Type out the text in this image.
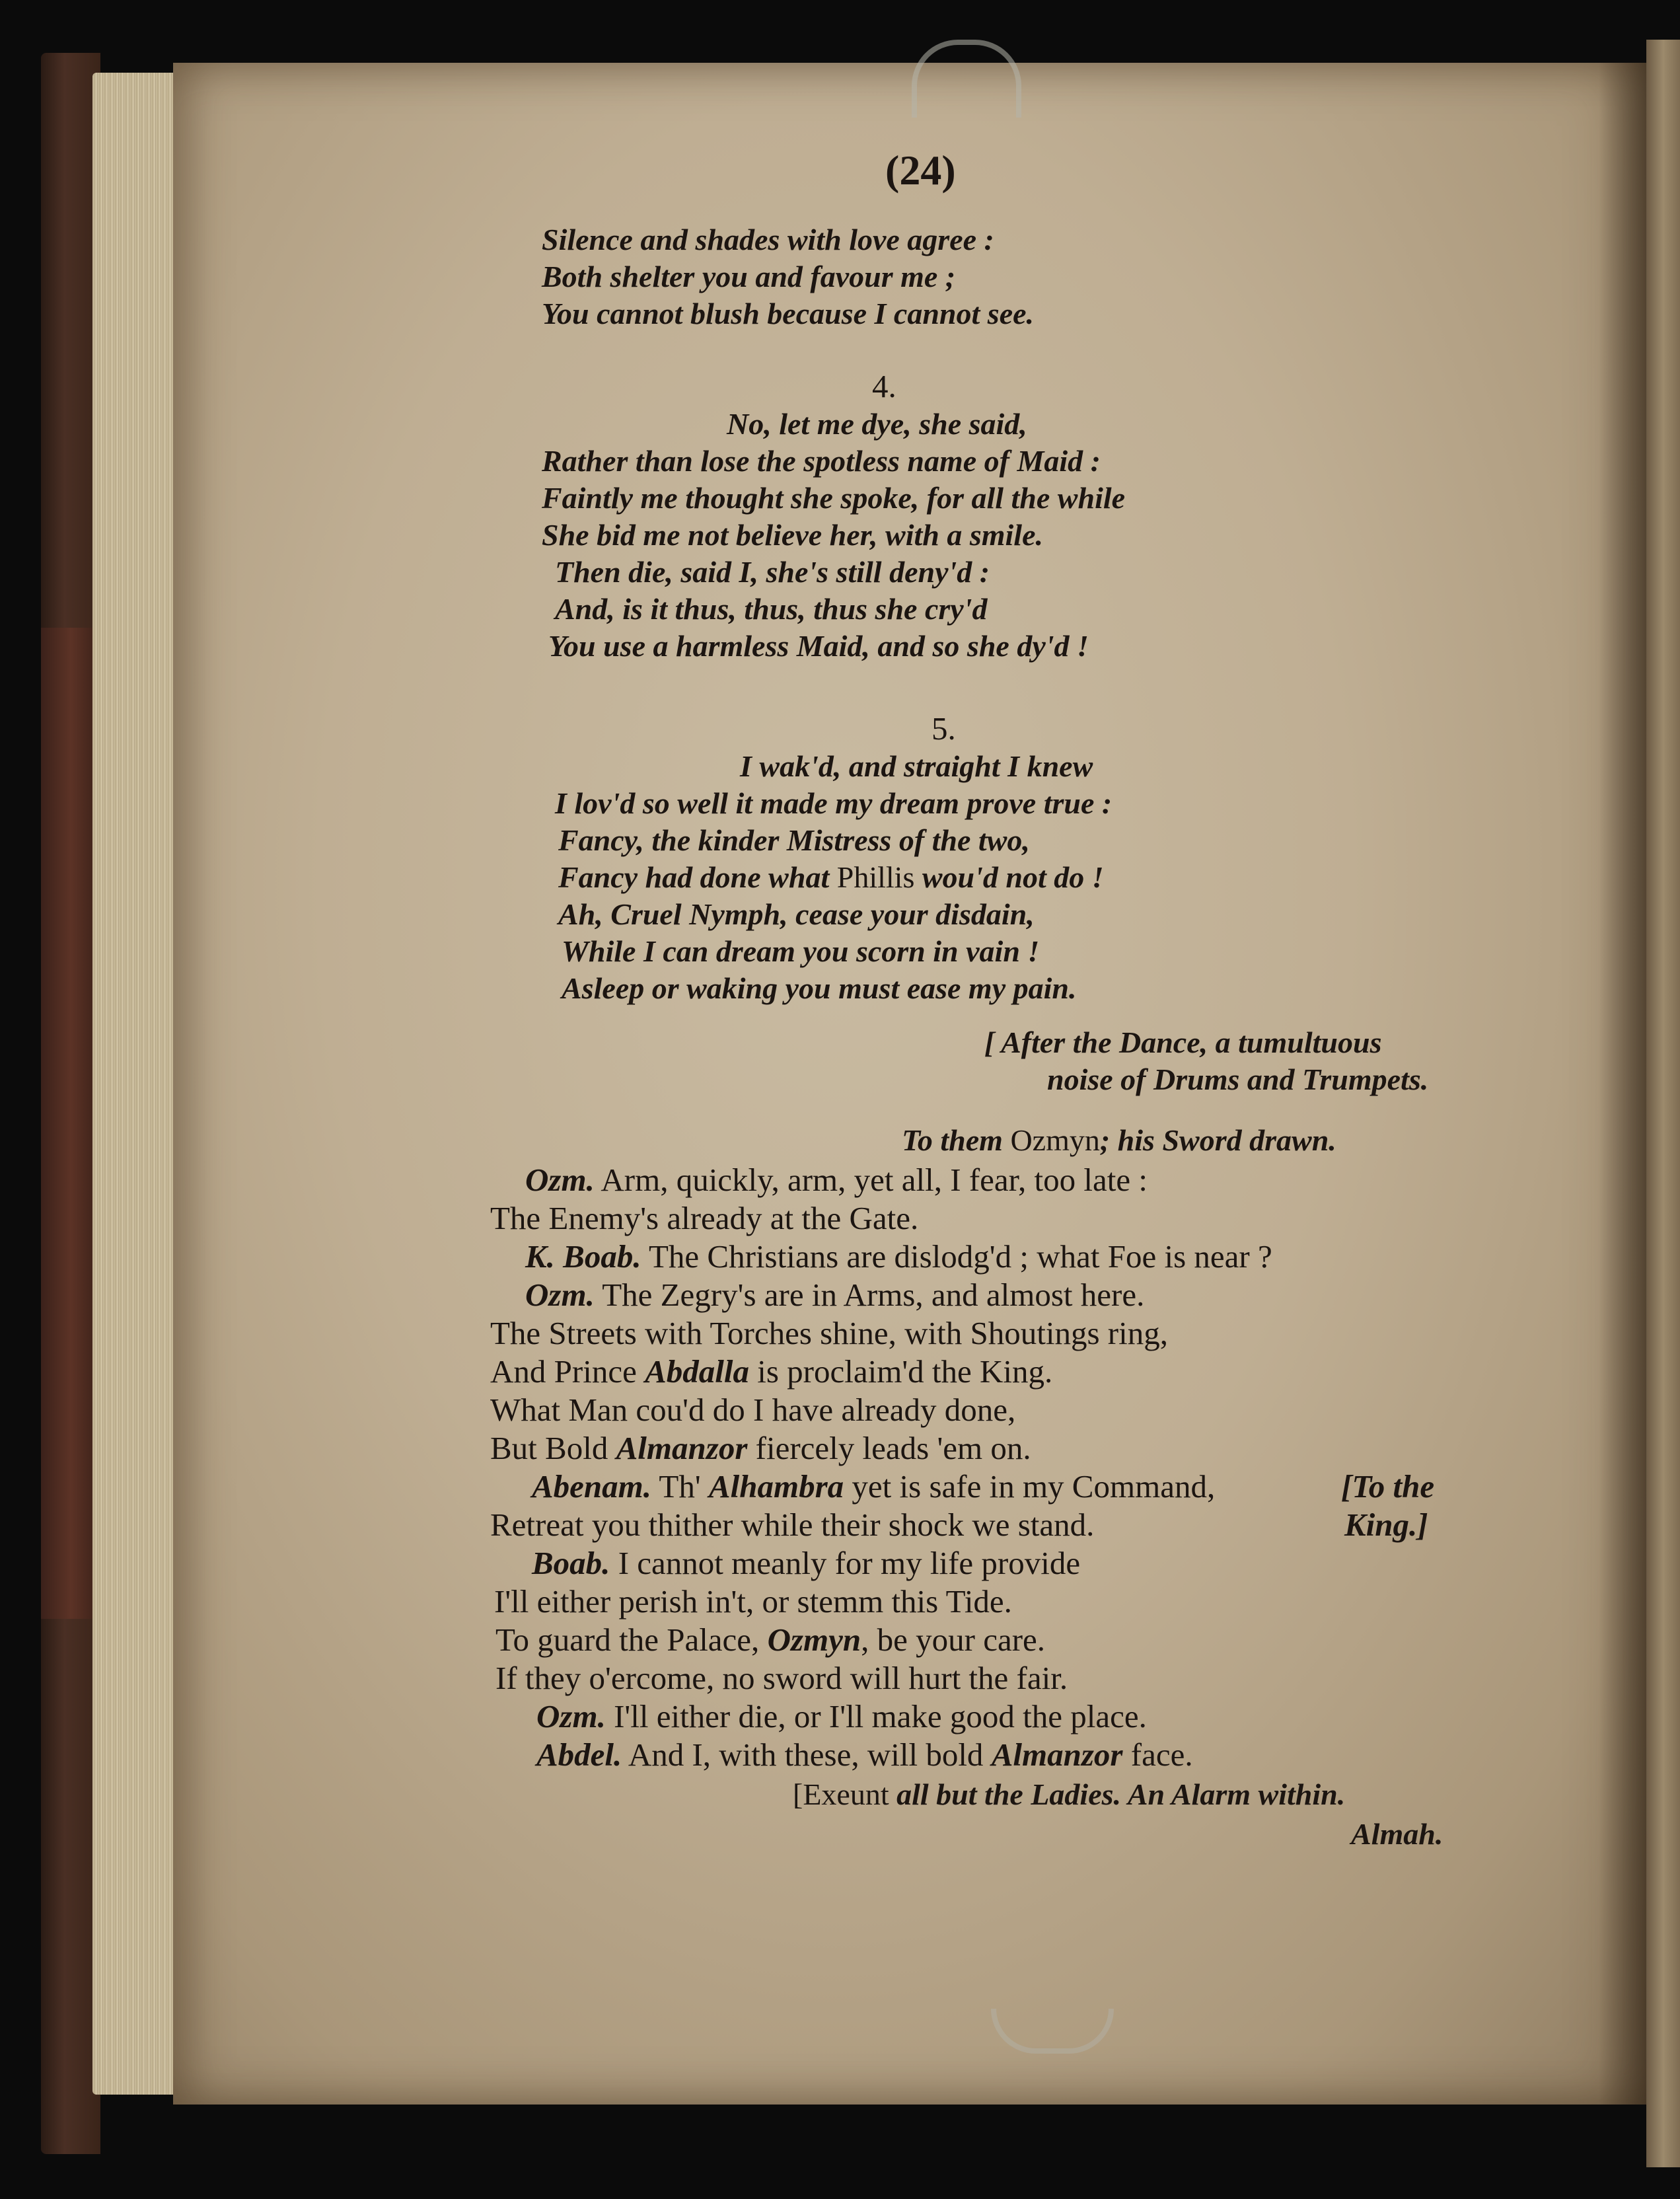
(24)
Silence and shades with love agree :
Both shelter you and favour me ;
You cannot blush because I cannot see.
4.
No, let me dye, she said,
Rather than lose the spotless name of Maid :
Faintly me thought she spoke, for all the while
She bid me not believe her, with a smile.
Then die, said I, she's still deny'd :
And, is it thus, thus, thus she cry'd
You use a harmless Maid, and so she dy'd !
5.
I wak'd, and straight I knew
I lov'd so well it made my dream prove true :
Fancy, the kinder Mistress of the two,
Fancy had done what Phillis wou'd not do !
Ah, Cruel Nymph, cease your disdain,
While I can dream you scorn in vain !
Asleep or waking you must ease my pain.
[ After the Dance, a tumultuous
noise of Drums and Trumpets.
To them Ozmyn; his Sword drawn.
Ozm. Arm, quickly, arm, yet all, I fear, too late :
The Enemy's already at the Gate.
K. Boab. The Christians are dislodg'd ; what Foe is near ?
Ozm. The Zegry's are in Arms, and almost here.
The Streets with Torches shine, with Shoutings ring,
And Prince Abdalla is proclaim'd the King.
What Man cou'd do I have already done,
But Bold Almanzor fiercely leads 'em on.
Abenam. Th' Alhambra yet is safe in my Command,
Retreat you thither while their shock we stand.
Boab. I cannot meanly for my life provide
I'll either perish in't, or stemm this Tide.
To guard the Palace, Ozmyn, be your care.
If they o'ercome, no sword will hurt the fair.
Ozm. I'll either die, or I'll make good the place.
Abdel. And I, with these, will bold Almanzor face.
[To the
King.]
[Exeunt all but the Ladies. An Alarm within.
Almah.
